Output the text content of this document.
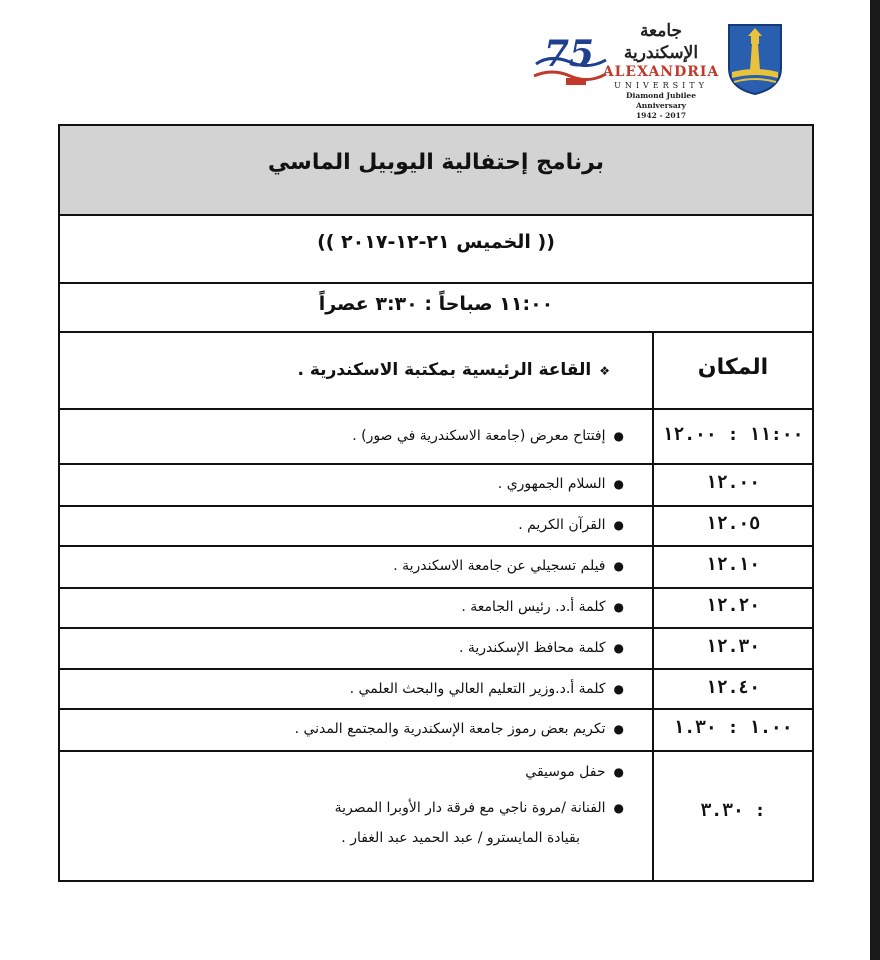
75
جامعة الإسكندرية
ALEXANDRIA
UNIVERSITY
Diamond Jubilee Anniversary
1942 - 2017
برنامج إحتفالية اليوبيل الماسي
(( الخميس ٢١-١٢-٢٠١٧ ))
١١:٠٠ صباحاً : ٣:٣٠ عصراً
المكان
❖القاعة الرئيسية بمكتبة الاسكندرية .
١١:٠٠ : ١٢.٠٠
●إفتتاح معرض (جامعة الاسكندرية في صور) .
١٢.٠٠
●السلام الجمهوري .
١٢.٠٥
●القرآن الكريم .
١٢.١٠
●فيلم تسجيلي عن جامعة الاسكندرية .
١٢.٢٠
●كلمة أ.د. رئيس الجامعة .
١٢.٣٠
●كلمة محافظ الإسكندرية .
١٢.٤٠
●كلمة أ.د.وزير التعليم العالي والبحث العلمي .
١.٠٠ : ١.٣٠
●تكريم بعض رموز جامعة الإسكندرية والمجتمع المدني .
٣.٣٠ :
●حفل موسيقي
●الفنانة /مروة ناجي مع فرقة دار الأوبرا المصرية
بقيادة المايسترو / عبد الحميد عبد الغفار .
